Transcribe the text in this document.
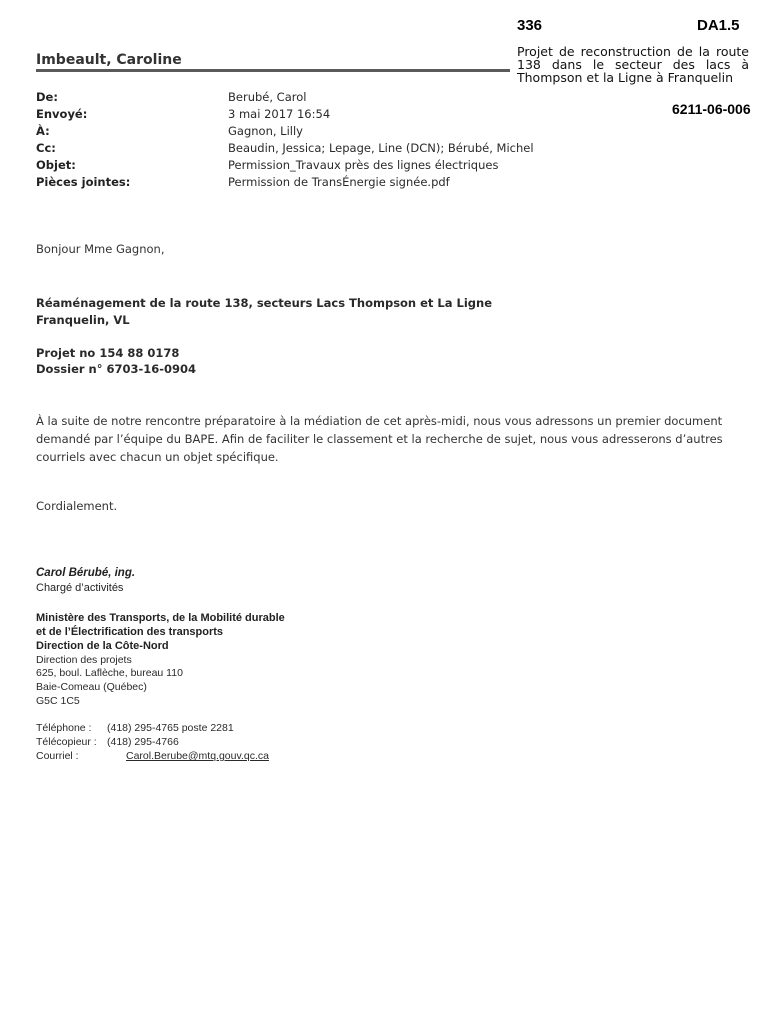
336	DA1.5
Projet de reconstruction de la route 138 dans le secteur des lacs à Thompson et la Ligne à Franquelin
6211-06-006
Imbeault, Caroline
De:	Berubé, Carol
Envoyé:	3 mai 2017 16:54
À:	Gagnon, Lilly
Cc:	Beaudin, Jessica; Lepage, Line (DCN); Bérubé, Michel
Objet:	Permission_Travaux près des lignes électriques
Pièces jointes:	Permission de TransÉnergie signée.pdf
Bonjour Mme Gagnon,
Réaménagement de la route 138, secteurs Lacs Thompson et La Ligne
Franquelin, VL
Projet no 154 88 0178
Dossier n° 6703-16-0904
À la suite de notre rencontre préparatoire à la médiation de cet après-midi, nous vous adressons un premier document demandé par l’équipe du BAPE. Afin de faciliter le classement et la recherche de sujet, nous vous adresserons d’autres courriels avec chacun un objet spécifique.
Cordialement.
Carol Bérubé, ing.
Chargé d’activités
Ministère des Transports, de la Mobilité durable
et de l’Électrification des transports
Direction de la Côte-Nord
Direction des projets
625, boul. Laflèche, bureau 110
Baie-Comeau (Québec)
G5C 1C5
Téléphone : (418) 295-4765 poste 2281
Télécopieur : (418) 295-4766
Courriel :	Carol.Berube@mtq.gouv.qc.ca
